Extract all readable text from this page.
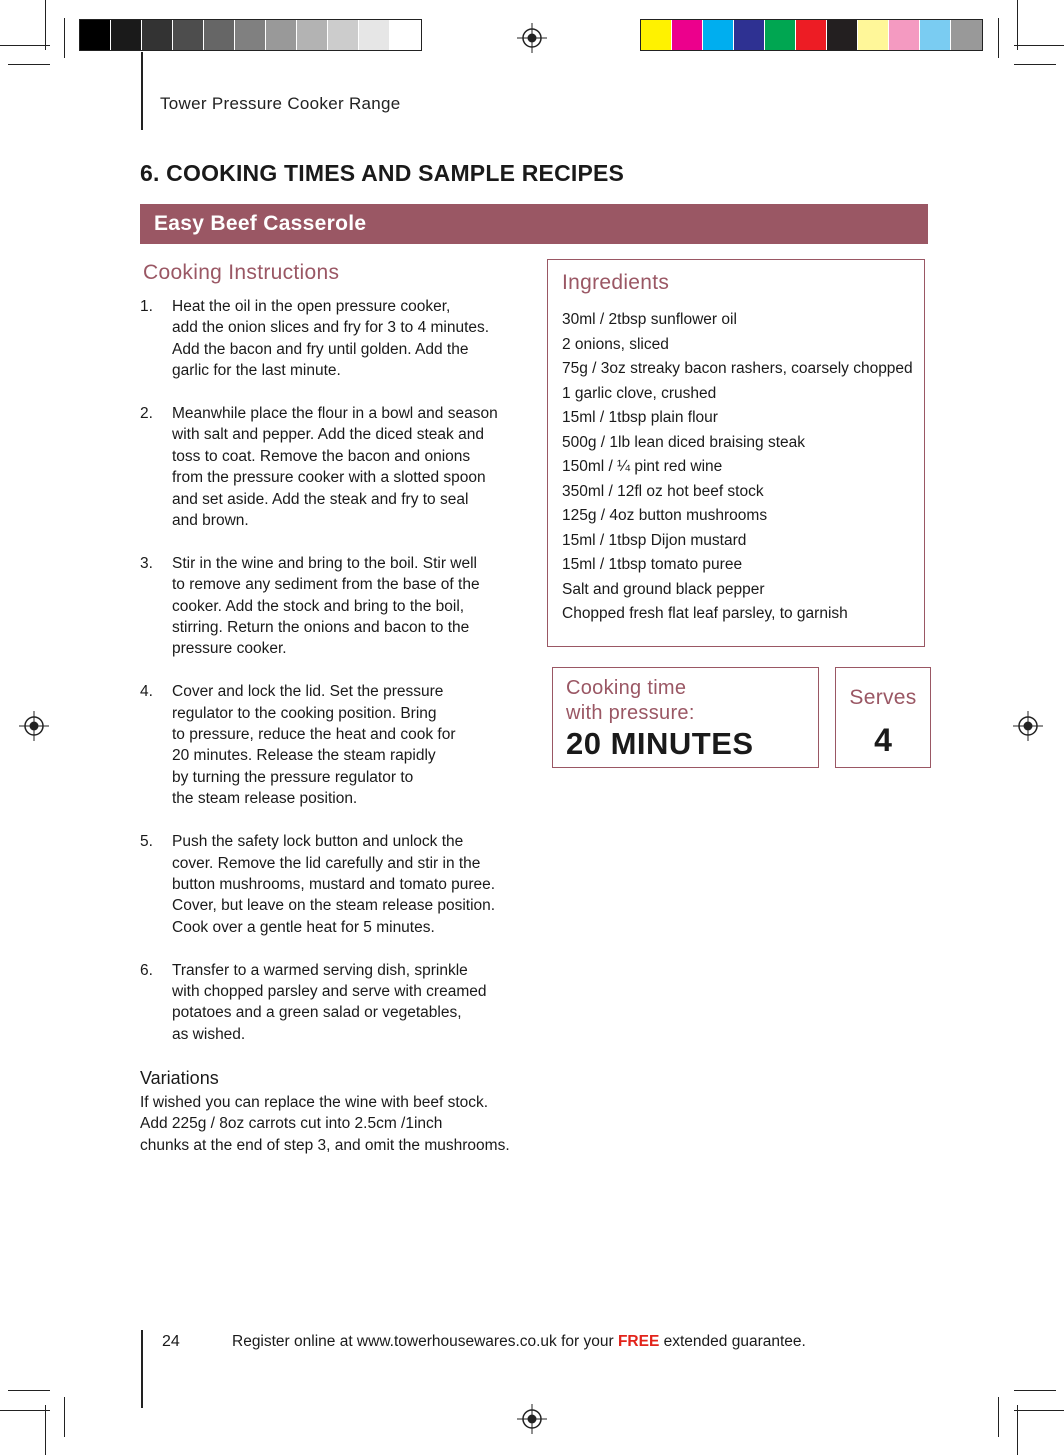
Tower Pressure Cooker Range
6. COOKING TIMES AND SAMPLE RECIPES
Easy Beef Casserole
Cooking Instructions
1. Heat the oil in the open pressure cooker,
add the onion slices and fry for 3 to 4 minutes.
Add the bacon and fry until golden. Add the
garlic for the last minute.
2. Meanwhile place the flour in a bowl and season
with salt and pepper. Add the diced steak and
toss to coat. Remove the bacon and onions
from the pressure cooker with a slotted spoon
and set aside. Add the steak and fry to seal
and brown.
3. Stir in the wine and bring to the boil. Stir well
to remove any sediment from the base of the
cooker. Add the stock and bring to the boil,
stirring. Return the onions and bacon to the
pressure cooker.
4. Cover and lock the lid. Set the pressure
regulator to the cooking position. Bring
to pressure, reduce the heat and cook for
20 minutes. Release the steam rapidly
by turning the pressure regulator to
the steam release position.
5. Push the safety lock button and unlock the
cover. Remove the lid carefully and stir in the
button mushrooms, mustard and tomato puree.
Cover, but leave on the steam release position.
Cook over a gentle heat for 5 minutes.
6. Transfer to a warmed serving dish, sprinkle
with chopped parsley and serve with creamed
potatoes and a green salad or vegetables,
as wished.
Variations
If wished you can replace the wine with beef stock.
Add 225g / 8oz carrots cut into 2.5cm /1inch
chunks at the end of step 3, and omit the mushrooms.
Ingredients
30ml / 2tbsp sunflower oil
2 onions, sliced
75g / 3oz streaky bacon rashers, coarsely chopped
1 garlic clove, crushed
15ml / 1tbsp plain flour
500g / 1lb lean diced braising steak
150ml / ¼ pint red wine
350ml / 12fl oz hot beef stock
125g / 4oz button mushrooms
15ml / 1tbsp Dijon mustard
15ml / 1tbsp tomato puree
Salt and ground black pepper
Chopped fresh flat leaf parsley, to garnish
Cooking time
with pressure:
20 MINUTES
Serves
4
24	Register online at www.towerhousewares.co.uk for your FREE extended guarantee.
